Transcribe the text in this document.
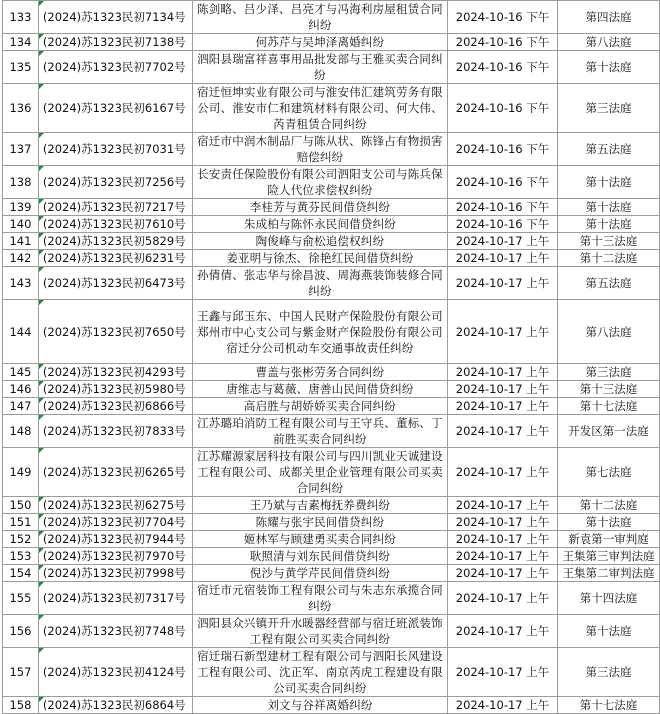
133	(2024)苏1323民初7134号	陈剑略、吕少泽、吕亮才与冯海利房屋租赁合同纠纷	2024-10-16 下午	第四法庭
134	(2024)苏1323民初7138号	何苏芹与吴坤泽离婚纠纷	2024-10-16 下午	第八法庭
135	(2024)苏1323民初7702号	泗阳县瑞富祥喜事用品批发部与王雅买卖合同纠纷	2024-10-16 下午	第十法庭
136	(2024)苏1323民初6167号	宿迁恒坤实业有限公司与淮安伟汇建筑劳务有限公司、淮安市仁和建筑材料有限公司、何大伟、芮青租赁合同纠纷	2024-10-16 下午	第三法庭
137	(2024)苏1323民初7031号	宿迁市中润木制品厂与陈从状、陈锋占有物损害赔偿纠纷	2024-10-16 下午	第五法庭
138	(2024)苏1323民初7256号	长安责任保险股份有限公司泗阳支公司与陈兵保险人代位求偿权纠纷	2024-10-16 下午	第十法庭
139	(2024)苏1323民初7217号	李桂芳与黄芬民间借贷纠纷	2024-10-16 下午	第十法庭
140	(2024)苏1323民初7610号	朱成柏与陈怀永民间借贷纠纷	2024-10-16 下午	第十法庭
141	(2024)苏1323民初5829号	陶俊峰与俞松追偿权纠纷	2024-10-17 上午	第十三法庭
142	(2024)苏1323民初6231号	姜亚明与徐杰、徐艳红民间借贷纠纷	2024-10-17 上午	第十二法庭
143	(2024)苏1323民初6473号	孙倩倩、张志华与徐昌波、周海燕装饰装修合同纠纷	2024-10-17 上午	第五法庭
144	(2024)苏1323民初7650号	王鑫与邱玉东、中国人民财产保险股份有限公司郑州市中心支公司与紫金财产保险股份有限公司宿迁分公司机动车交通事故责任纠纷	2024-10-17 上午	第八法庭
145	(2024)苏1323民初4293号	曹盖与张彬劳务合同纠纷	2024-10-17 上午	第三法庭
146	(2024)苏1323民初5980号	唐维志与葛薇、唐善山民间借贷纠纷	2024-10-17 上午	第十三法庭
147	(2024)苏1323民初6866号	高启胜与胡娇娇买卖合同纠纷	2024-10-17 上午	第十七法庭
148	(2024)苏1323民初7833号	江苏璐珀消防工程有限公司与王守兵、董标、丁前胜买卖合同纠纷	2024-10-17 上午	开发区第一法庭
149	(2024)苏1323民初6265号	江苏耀源家居科技有限公司与四川凯业天诚建设工程有限公司、成都关里企业管理有限公司买卖合同纠纷	2024-10-17 上午	第七法庭
150	(2024)苏1323民初6275号	王乃斌与吉素梅抚养费纠纷	2024-10-17 上午	第十二法庭
151	(2024)苏1323民初7704号	陈耀与张宇民间借贷纠纷	2024-10-17 上午	第十法庭
152	(2024)苏1323民初7944号	姬林军与顾建勇买卖合同纠纷	2024-10-17 上午	新袁第一审判庭
153	(2024)苏1323民初7970号	耿照清与刘东民间借贷纠纷	2024-10-17 上午	王集第三审判法庭
154	(2024)苏1323民初7998号	倪沙与黄学芹民间借贷纠纷	2024-10-17 上午	王集第二审判法庭
155	(2024)苏1323民初7317号	宿迁市元宿装饰工程有限公司与朱志东承揽合同纠纷	2024-10-17 上午	第十四法庭
156	(2024)苏1323民初7748号	泗阳县众兴镇开升水暖器经营部与宿迁班派装饰工程有限公司买卖合同纠纷	2024-10-17 上午	第十法庭
157	(2024)苏1323民初4124号	宿迁瑞石新型建材工程有限公司与泗阳长风建设工程有限公司、沈正军、南京芮虎工程建设有限公司买卖合同纠纷	2024-10-17 上午	第三法庭
158	(2024)苏1323民初6864号	刘文与谷祥离婚纠纷	2024-10-17 上午	第十七法庭
